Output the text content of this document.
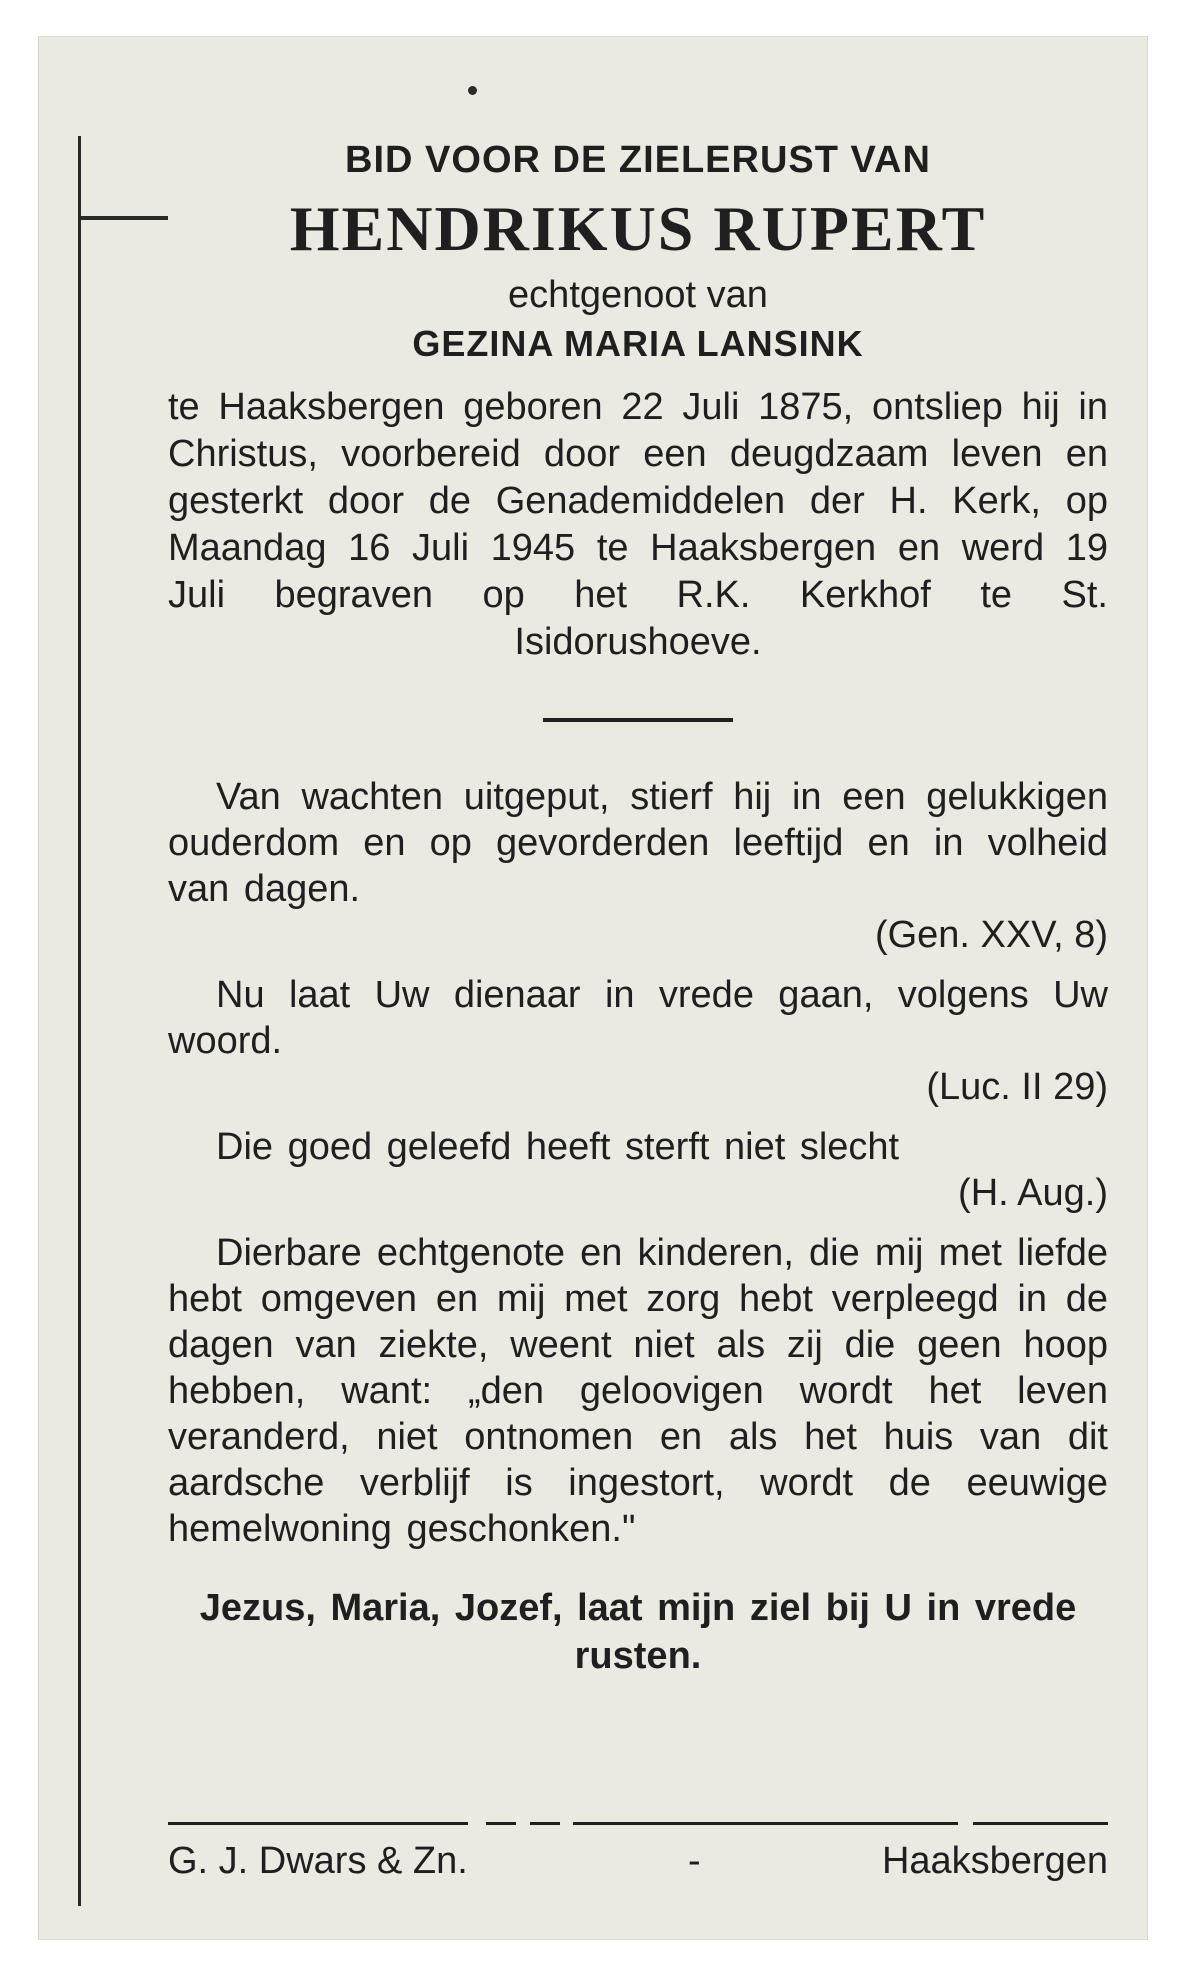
BID VOOR DE ZIELERUST VAN

HENDRIKUS RUPERT

echtgenoot van

GEZINA MARIA LANSINK

te Haaksbergen geboren 22 Juli 1875, ontsliep hij in Christus, voorbereid door een deugdzaam leven en gesterkt door de Genademiddelen der H. Kerk, op Maandag 16 Juli 1945 te Haaksbergen en werd 19 Juli begraven op het R.K. Kerkhof te St. Isidorushoeve.

Van wachten uitgeput, stierf hij in een gelukkigen ouderdom en op gevorderden leeftijd en in volheid van dagen.

(Gen. XXV, 8)

Nu laat Uw dienaar in vrede gaan, volgens Uw woord.

(Luc. II 29)

Die goed geleefd heeft sterft niet slecht

(H. Aug.)

Dierbare echtgenote en kinderen, die mij met liefde hebt omgeven en mij met zorg hebt verpleegd in de dagen van ziekte, weent niet als zij die geen hoop hebben, want: „den geloovigen wordt het leven veranderd, niet ontnomen en als het huis van dit aardsche verblijf is ingestort, wordt de eeuwige hemelwoning geschonken."

Jezus, Maria, Jozef, laat mijn ziel bij U in vrede rusten.

G. J. Dwars & Zn.	-	Haaksbergen
